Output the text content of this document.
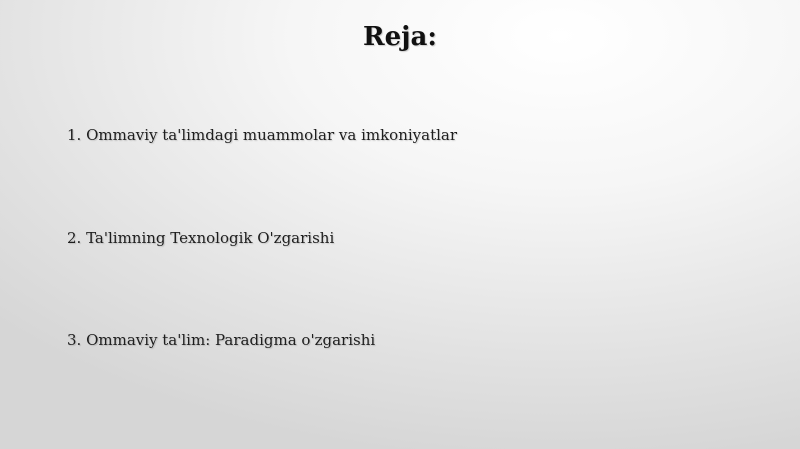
Reja:
1. Ommaviy ta'limdagi muammolar va imkoniyatlar
2. Ta'limning Texnologik O'zgarishi
3. Ommaviy ta'lim: Paradigma o'zgarishi
